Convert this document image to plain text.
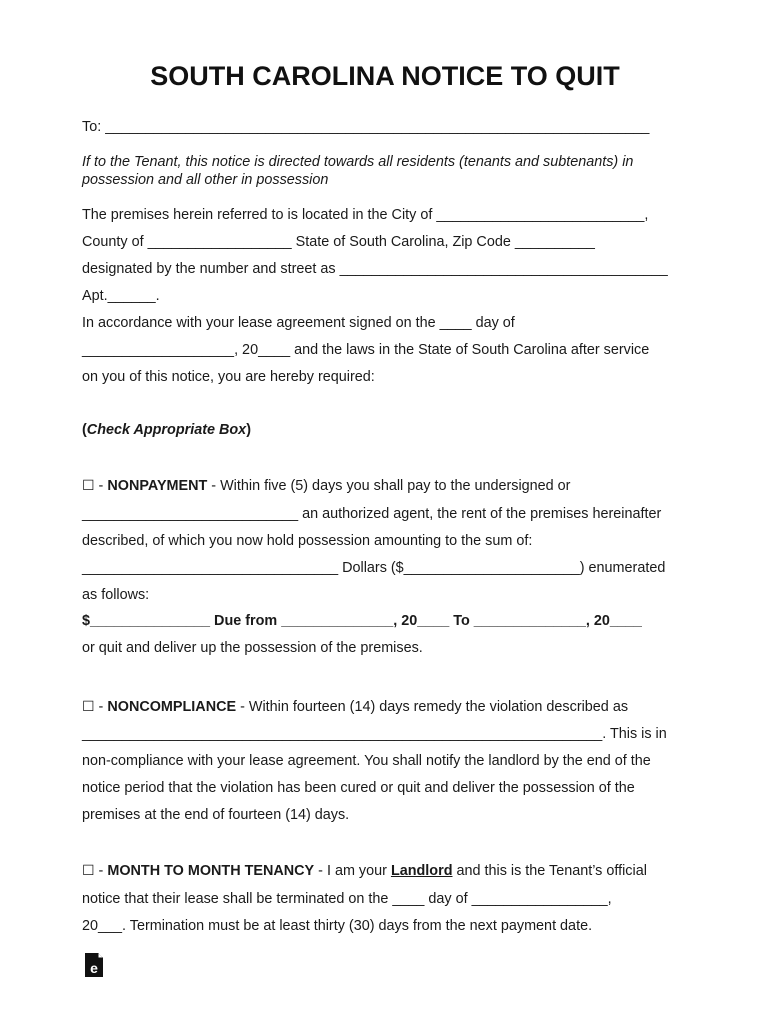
SOUTH CAROLINA NOTICE TO QUIT

To: ____________________________________________________________________

If to the Tenant, this notice is directed towards all residents (tenants and subtenants) in

possession and all other in possession

The premises herein referred to is located in the City of __________________________,

County of __________________ State of South Carolina, Zip Code __________

designated by the number and street as _________________________________________

Apt.______.

In accordance with your lease agreement signed on the ____ day of

___________________, 20____ and the laws in the State of South Carolina after service

on you of this notice, you are hereby required:

(Check Appropriate Box)

☐ - NONPAYMENT - Within five (5) days you shall pay to the undersigned or

___________________________ an authorized agent, the rent of the premises hereinafter

described, of which you now hold possession amounting to the sum of:

________________________________ Dollars ($______________________) enumerated

as follows:

$_______________ Due from ______________, 20____ To ______________, 20____

or quit and deliver up the possession of the premises.

☐ - NONCOMPLIANCE - Within fourteen (14) days remedy the violation described as

_________________________________________________________________. This is in

non-compliance with your lease agreement. You shall notify the landlord by the end of the

notice period that the violation has been cured or quit and deliver the possession of the

premises at the end of fourteen (14) days.

☐ - MONTH TO MONTH TENANCY - I am your Landlord and this is the Tenant’s official

notice that their lease shall be terminated on the ____ day of _________________,

20___. Termination must be at least thirty (30) days from the next payment date.

e
